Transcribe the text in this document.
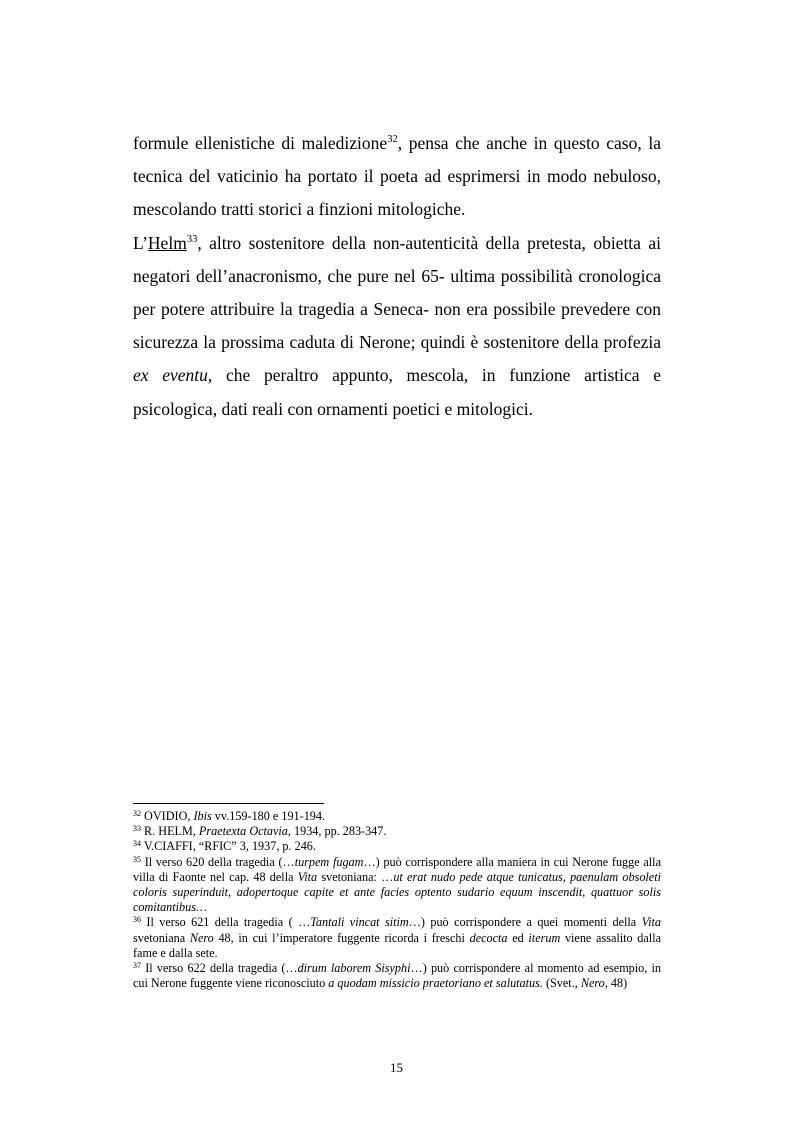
formule ellenistiche di maledizione$^{32}$, pensa che anche in questo caso, la tecnica del vaticinio ha portato il poeta ad esprimersi in modo nebuloso, mescolando tratti storici a finzioni mitologiche.

L’Helm$^{33}$, altro sostenitore della non-autenticità della pretesta, obietta ai negatori dell’anacronismo, che pure nel 65- ultima possibilità cronologica per potere attribuire la tragedia a Seneca- non era possibile prevedere con sicurezza la prossima caduta di Nerone; quindi è sostenitore della profezia ex eventu, che peraltro appunto, mescola, in funzione artistica e psicologica, dati reali con ornamenti poetici e mitologici.

$^{32}$ OVIDIO, Ibis vv.159-180 e 191-194.

$^{33}$ R. HELM, Praetexta Octavia, 1934, pp. 283-347.

$^{34}$ V.CIAFFI, “RFIC” 3, 1937, p. 246.

$^{35}$ Il verso 620 della tragedia (…turpem fugam…) può corrispondere alla maniera in cui Nerone fugge alla villa di Faonte nel cap. 48 della Vita svetoniana: …ut erat nudo pede atque tunicatus, paenulam obsoleti coloris superinduit, adopertoque capite et ante facies optento sudario equum inscendit, quattuor solis comitantibus…

$^{36}$ Il verso 621 della tragedia ( …Tantali vincat sitim…) può corrispondere a quei momenti della Vita svetoniana Nero 48, in cui l’imperatore fuggente ricorda i freschi decocta ed iterum viene assalito dalla fame e dalla sete.

$^{37}$ Il verso 622 della tragedia (…dirum laborem Sisyphi…) può corrispondere al momento ad esempio, in cui Nerone fuggente viene riconosciuto a quodam missicio praetoriano et salutatus. (Svet., Nero, 48)

15
